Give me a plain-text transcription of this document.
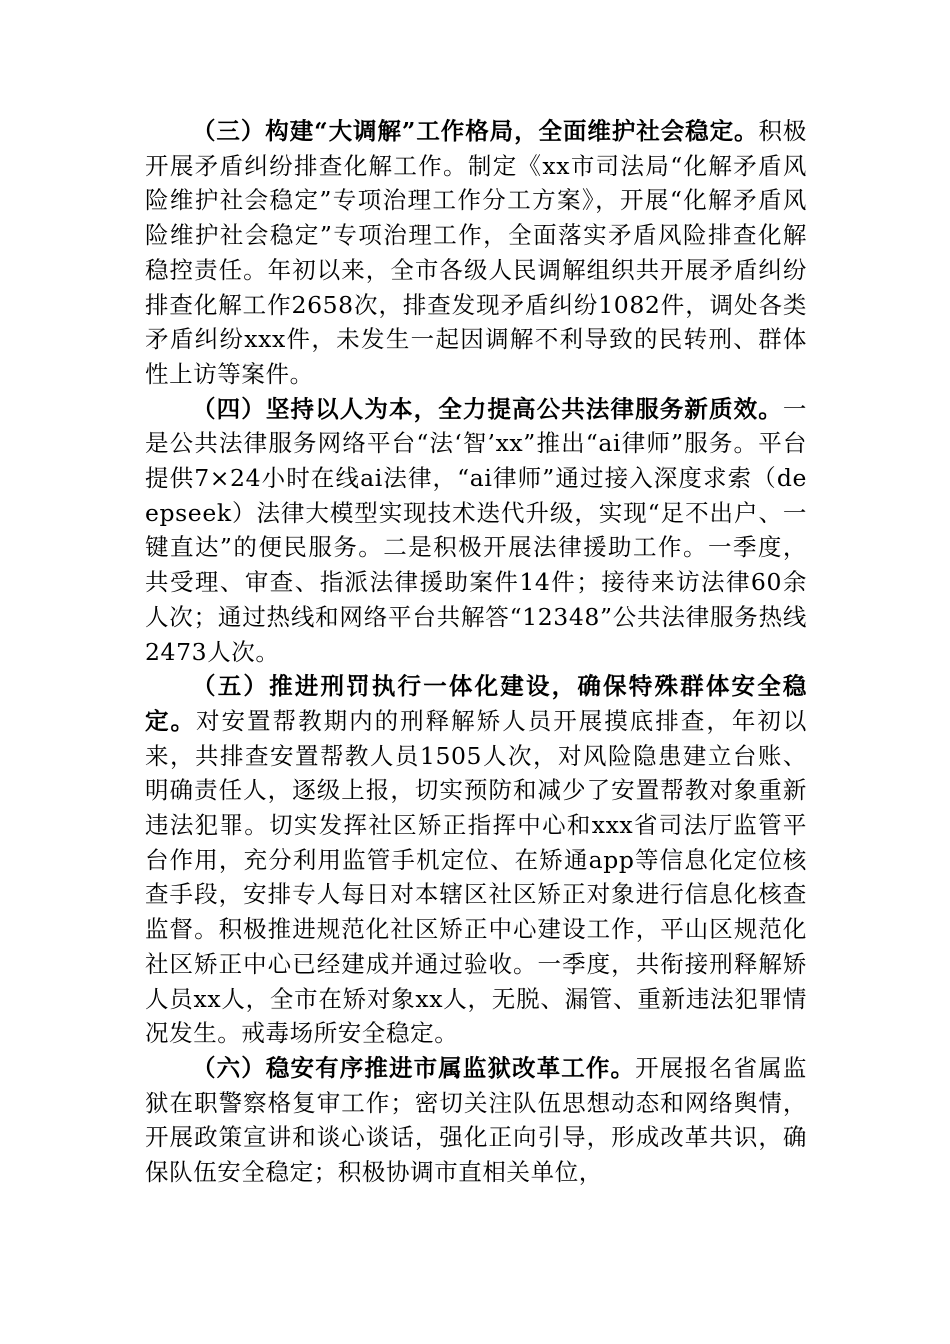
（三）构建“大调解”工作格局，全面维护社会稳定。积极开展矛盾纠纷排查化解工作。制定《xx市司法局“化解矛盾风险维护社会稳定”专项治理工作分工方案》，开展“化解矛盾风险维护社会稳定”专项治理工作，全面落实矛盾风险排查化解稳控责任。年初以来，全市各级人民调解组织共开展矛盾纠纷排查化解工作2658次，排查发现矛盾纠纷1082件，调处各类矛盾纠纷xxx件，未发生一起因调解不利导致的民转刑、群体性上访等案件。

（四）坚持以人为本，全力提高公共法律服务新质效。一是公共法律服务网络平台“法‘智’xx”推出“ai律师”服务。平台提供7×24小时在线ai法律，“ai律师”通过接入深度求索（deepseek）法律大模型实现技术迭代升级，实现“足不出户、一键直达”的便民服务。二是积极开展法律援助工作。一季度，共受理、审查、指派法律援助案件14件；接待来访法律60余人次；通过热线和网络平台共解答“12348”公共法律服务热线2473人次。

（五）推进刑罚执行一体化建设，确保特殊群体安全稳定。对安置帮教期内的刑释解矫人员开展摸底排查，年初以来，共排查安置帮教人员1505人次，对风险隐患建立台账、明确责任人，逐级上报，切实预防和减少了安置帮教对象重新违法犯罪。切实发挥社区矫正指挥中心和xxx省司法厅监管平台作用，充分利用监管手机定位、在矫通app等信息化定位核查手段，安排专人每日对本辖区社区矫正对象进行信息化核查监督。积极推进规范化社区矫正中心建设工作，平山区规范化社区矫正中心已经建成并通过验收。一季度，共衔接刑释解矫人员xx人，全市在矫对象xx人，无脱、漏管、重新违法犯罪情况发生。戒毒场所安全稳定。

（六）稳安有序推进市属监狱改革工作。开展报名省属监狱在职警察格复审工作；密切关注队伍思想动态和网络舆情，开展政策宣讲和谈心谈话，强化正向引导，形成改革共识，确保队伍安全稳定；积极协调市直相关单位，
